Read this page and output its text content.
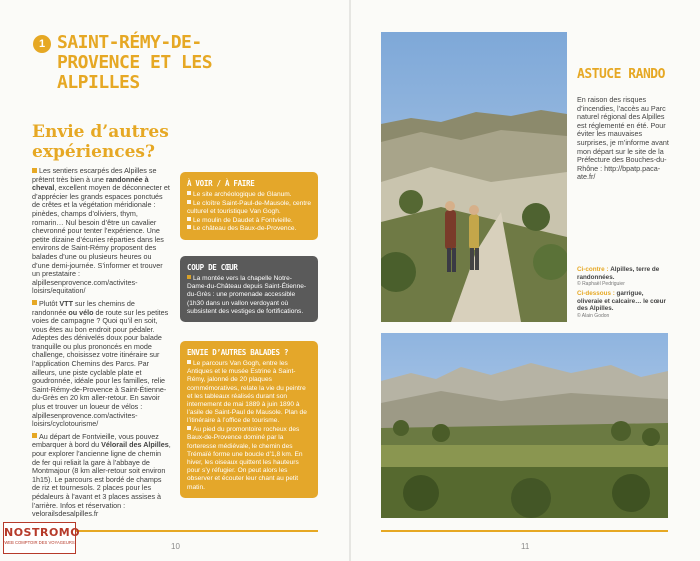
1 SAINT-RÉMY-DE-PROVENCE ET LES ALPILLES
Envie d’autres expériences?

Les sentiers escarpés des Alpilles se prêtent très bien à une randonnée à cheval, excellent moyen de déconnecter et d’apprécier les grands espaces ponctués de crêtes et la végétation méridionale : pinèdes, champs d’oliviers, thym, romarin… Nul besoin d’être un cavalier chevronné pour tenter l’expérience. Une petite dizaine d’écuries réparties dans les environs de Saint-Rémy proposent des balades d’une ou plusieurs heures ou d’une demi-journée. S’informer et trouver un prestataire : alpillesenprovence.com/activites-loisirs/equitation/

Plutôt VTT sur les chemins de randonnée ou vélo de route sur les petites voies de campagne ? Quoi qu’il en soit, vous êtes au bon endroit pour pédaler. Adeptes des dénivelés doux pour balade tranquille ou plus prononcés en mode challenge, choisissez votre itinéraire sur l’application Chemins des Parcs. Par ailleurs, une piste cyclable plate et goudronnée, idéale pour les familles, relie Saint-Rémy-de-Provence à Saint-Étienne-du-Grès en 20 km aller-retour. En savoir plus et trouver un loueur de vélos : alpillesenprovence.com/activites-loisirs/cyclotourisme/

Au départ de Fontvieille, vous pouvez embarquer à bord du Vélorail des Alpilles, pour explorer l’ancienne ligne de chemin de fer qui reliait la gare à l’abbaye de Montmajour (8 km aller-retour soit environ 1h15). Le parcours est bordé de champs de riz et tournesols. 2 places pour les pédaleurs à l’avant et 3 places assises à l’arrière. Infos et réservation : velorailsdesalpilles.fr

À VOIR / À FAIRE
Le site archéologique de Glanum.
Le cloître Saint-Paul-de-Mausole, centre culturel et touristique Van Gogh.
Le moulin de Daudet à Fontvieille.
Le château des Baux-de-Provence.
COUP DE CŒUR
La montée vers la chapelle Notre-Dame-du-Château depuis Saint-Étienne-du-Grès : une promenade accessible (1h30 dans un vallon verdoyant où subsistent des vestiges de fortifications.
ENVIE D’AUTRES BALADES ?
Le parcours Van Gogh, entre les Antiques et le musée Estrine à Saint-Rémy, jalonné de 20 plaques commémoratives, relate la vie du peintre et les tableaux réalisés durant son internement de mai 1889 à juin 1890 à l’asile de Saint-Paul de Mausole. Plan de l’itinéraire à l’office de tourisme.
Au pied du promontoire rocheux des Baux-de-Provence dominé par la forteresse médiévale, le chemin des Trémaïé forme une boucle d’1,8 km. En hiver, les oiseaux quittent les hauteurs pour s’y réfugier. On peut alors les observer et écouter leur chant au petit matin.
10
NOSTROMO
WEB COMPTOIR DES VOYAGEURS
ASTUCE RANDO
En raison des risques d’incendies, l’accès au Parc naturel régional des Alpilles est réglementé en été. Pour éviter les mauvaises surprises, je m’informe avant mon départ sur le site de la Préfecture des Bouches-du-Rhône : http://bpatp.paca-ate.fr/
Ci-contre : Alpilles, terre de randonnées.
© Raphaël Pedriguier
Ci-dessous : garrigue, oliveraie et calcaire… le cœur des Alpilles.
© Alain Godon
11
